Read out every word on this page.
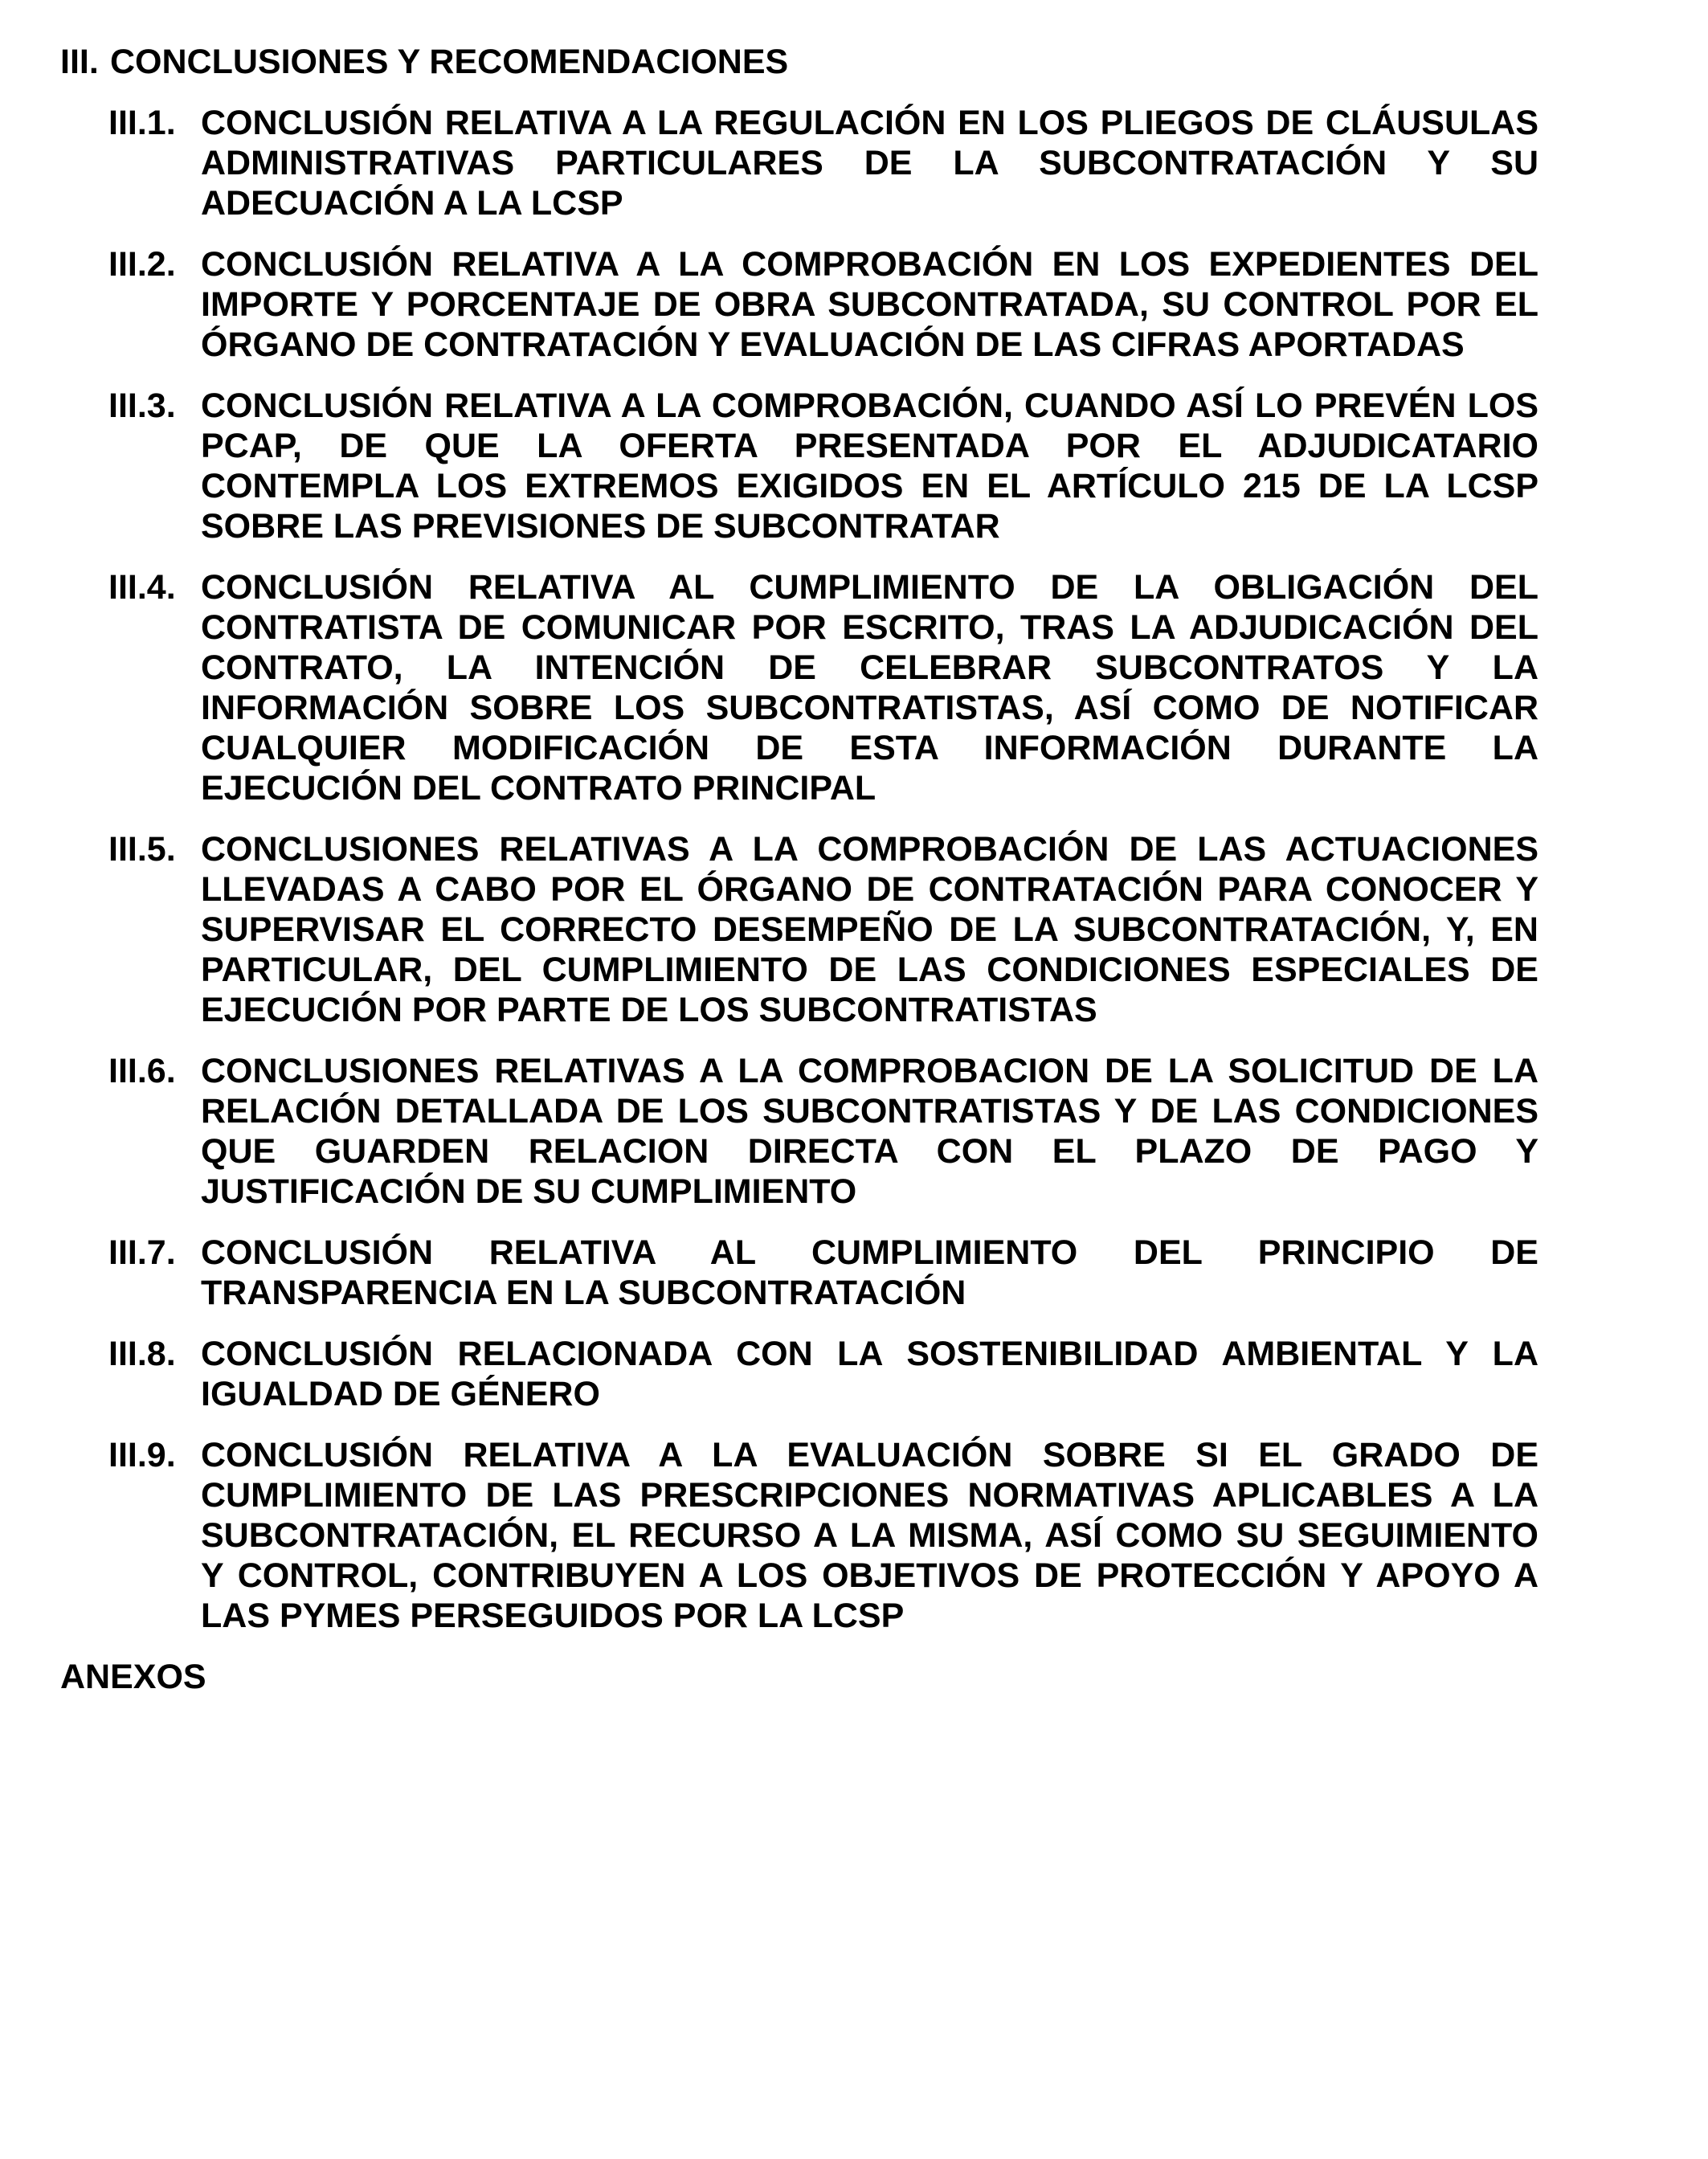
III. CONCLUSIONES Y RECOMENDACIONES
III.1. CONCLUSIÓN RELATIVA A LA REGULACIÓN EN LOS PLIEGOS DE CLÁUSULAS
ADMINISTRATIVAS PARTICULARES DE LA SUBCONTRATACIÓN Y SU
ADECUACIÓN A LA LCSP
III.2. CONCLUSIÓN RELATIVA A LA COMPROBACIÓN EN LOS EXPEDIENTES DEL
IMPORTE Y PORCENTAJE DE OBRA SUBCONTRATADA, SU CONTROL POR EL
ÓRGANO DE CONTRATACIÓN Y EVALUACIÓN DE LAS CIFRAS APORTADAS
III.3. CONCLUSIÓN RELATIVA A LA COMPROBACIÓN, CUANDO ASÍ LO PREVÉN LOS
PCAP, DE QUE LA OFERTA PRESENTADA POR EL ADJUDICATARIO
CONTEMPLA LOS EXTREMOS EXIGIDOS EN EL ARTÍCULO 215 DE LA LCSP
SOBRE LAS PREVISIONES DE SUBCONTRATAR
III.4. CONCLUSIÓN RELATIVA AL CUMPLIMIENTO DE LA OBLIGACIÓN DEL
CONTRATISTA DE COMUNICAR POR ESCRITO, TRAS LA ADJUDICACIÓN DEL
CONTRATO, LA INTENCIÓN DE CELEBRAR SUBCONTRATOS Y LA
INFORMACIÓN SOBRE LOS SUBCONTRATISTAS, ASÍ COMO DE NOTIFICAR
CUALQUIER MODIFICACIÓN DE ESTA INFORMACIÓN DURANTE LA
EJECUCIÓN DEL CONTRATO PRINCIPAL
III.5. CONCLUSIONES RELATIVAS A LA COMPROBACIÓN DE LAS ACTUACIONES
LLEVADAS A CABO POR EL ÓRGANO DE CONTRATACIÓN PARA CONOCER Y
SUPERVISAR EL CORRECTO DESEMPEÑO DE LA SUBCONTRATACIÓN, Y, EN
PARTICULAR, DEL CUMPLIMIENTO DE LAS CONDICIONES ESPECIALES DE
EJECUCIÓN POR PARTE DE LOS SUBCONTRATISTAS
III.6. CONCLUSIONES RELATIVAS A LA COMPROBACION DE LA SOLICITUD DE LA
RELACIÓN DETALLADA DE LOS SUBCONTRATISTAS Y DE LAS CONDICIONES
QUE GUARDEN RELACION DIRECTA CON EL PLAZO DE PAGO Y
JUSTIFICACIÓN DE SU CUMPLIMIENTO
III.7. CONCLUSIÓN RELATIVA AL CUMPLIMIENTO DEL PRINCIPIO DE
TRANSPARENCIA EN LA SUBCONTRATACIÓN
III.8. CONCLUSIÓN RELACIONADA CON LA SOSTENIBILIDAD AMBIENTAL Y LA
IGUALDAD DE GÉNERO
III.9. CONCLUSIÓN RELATIVA A LA EVALUACIÓN SOBRE SI EL GRADO DE
CUMPLIMIENTO DE LAS PRESCRIPCIONES NORMATIVAS APLICABLES A LA
SUBCONTRATACIÓN, EL RECURSO A LA MISMA, ASÍ COMO SU SEGUIMIENTO
Y CONTROL, CONTRIBUYEN A LOS OBJETIVOS DE PROTECCIÓN Y APOYO A
LAS PYMES PERSEGUIDOS POR LA LCSP
ANEXOS
